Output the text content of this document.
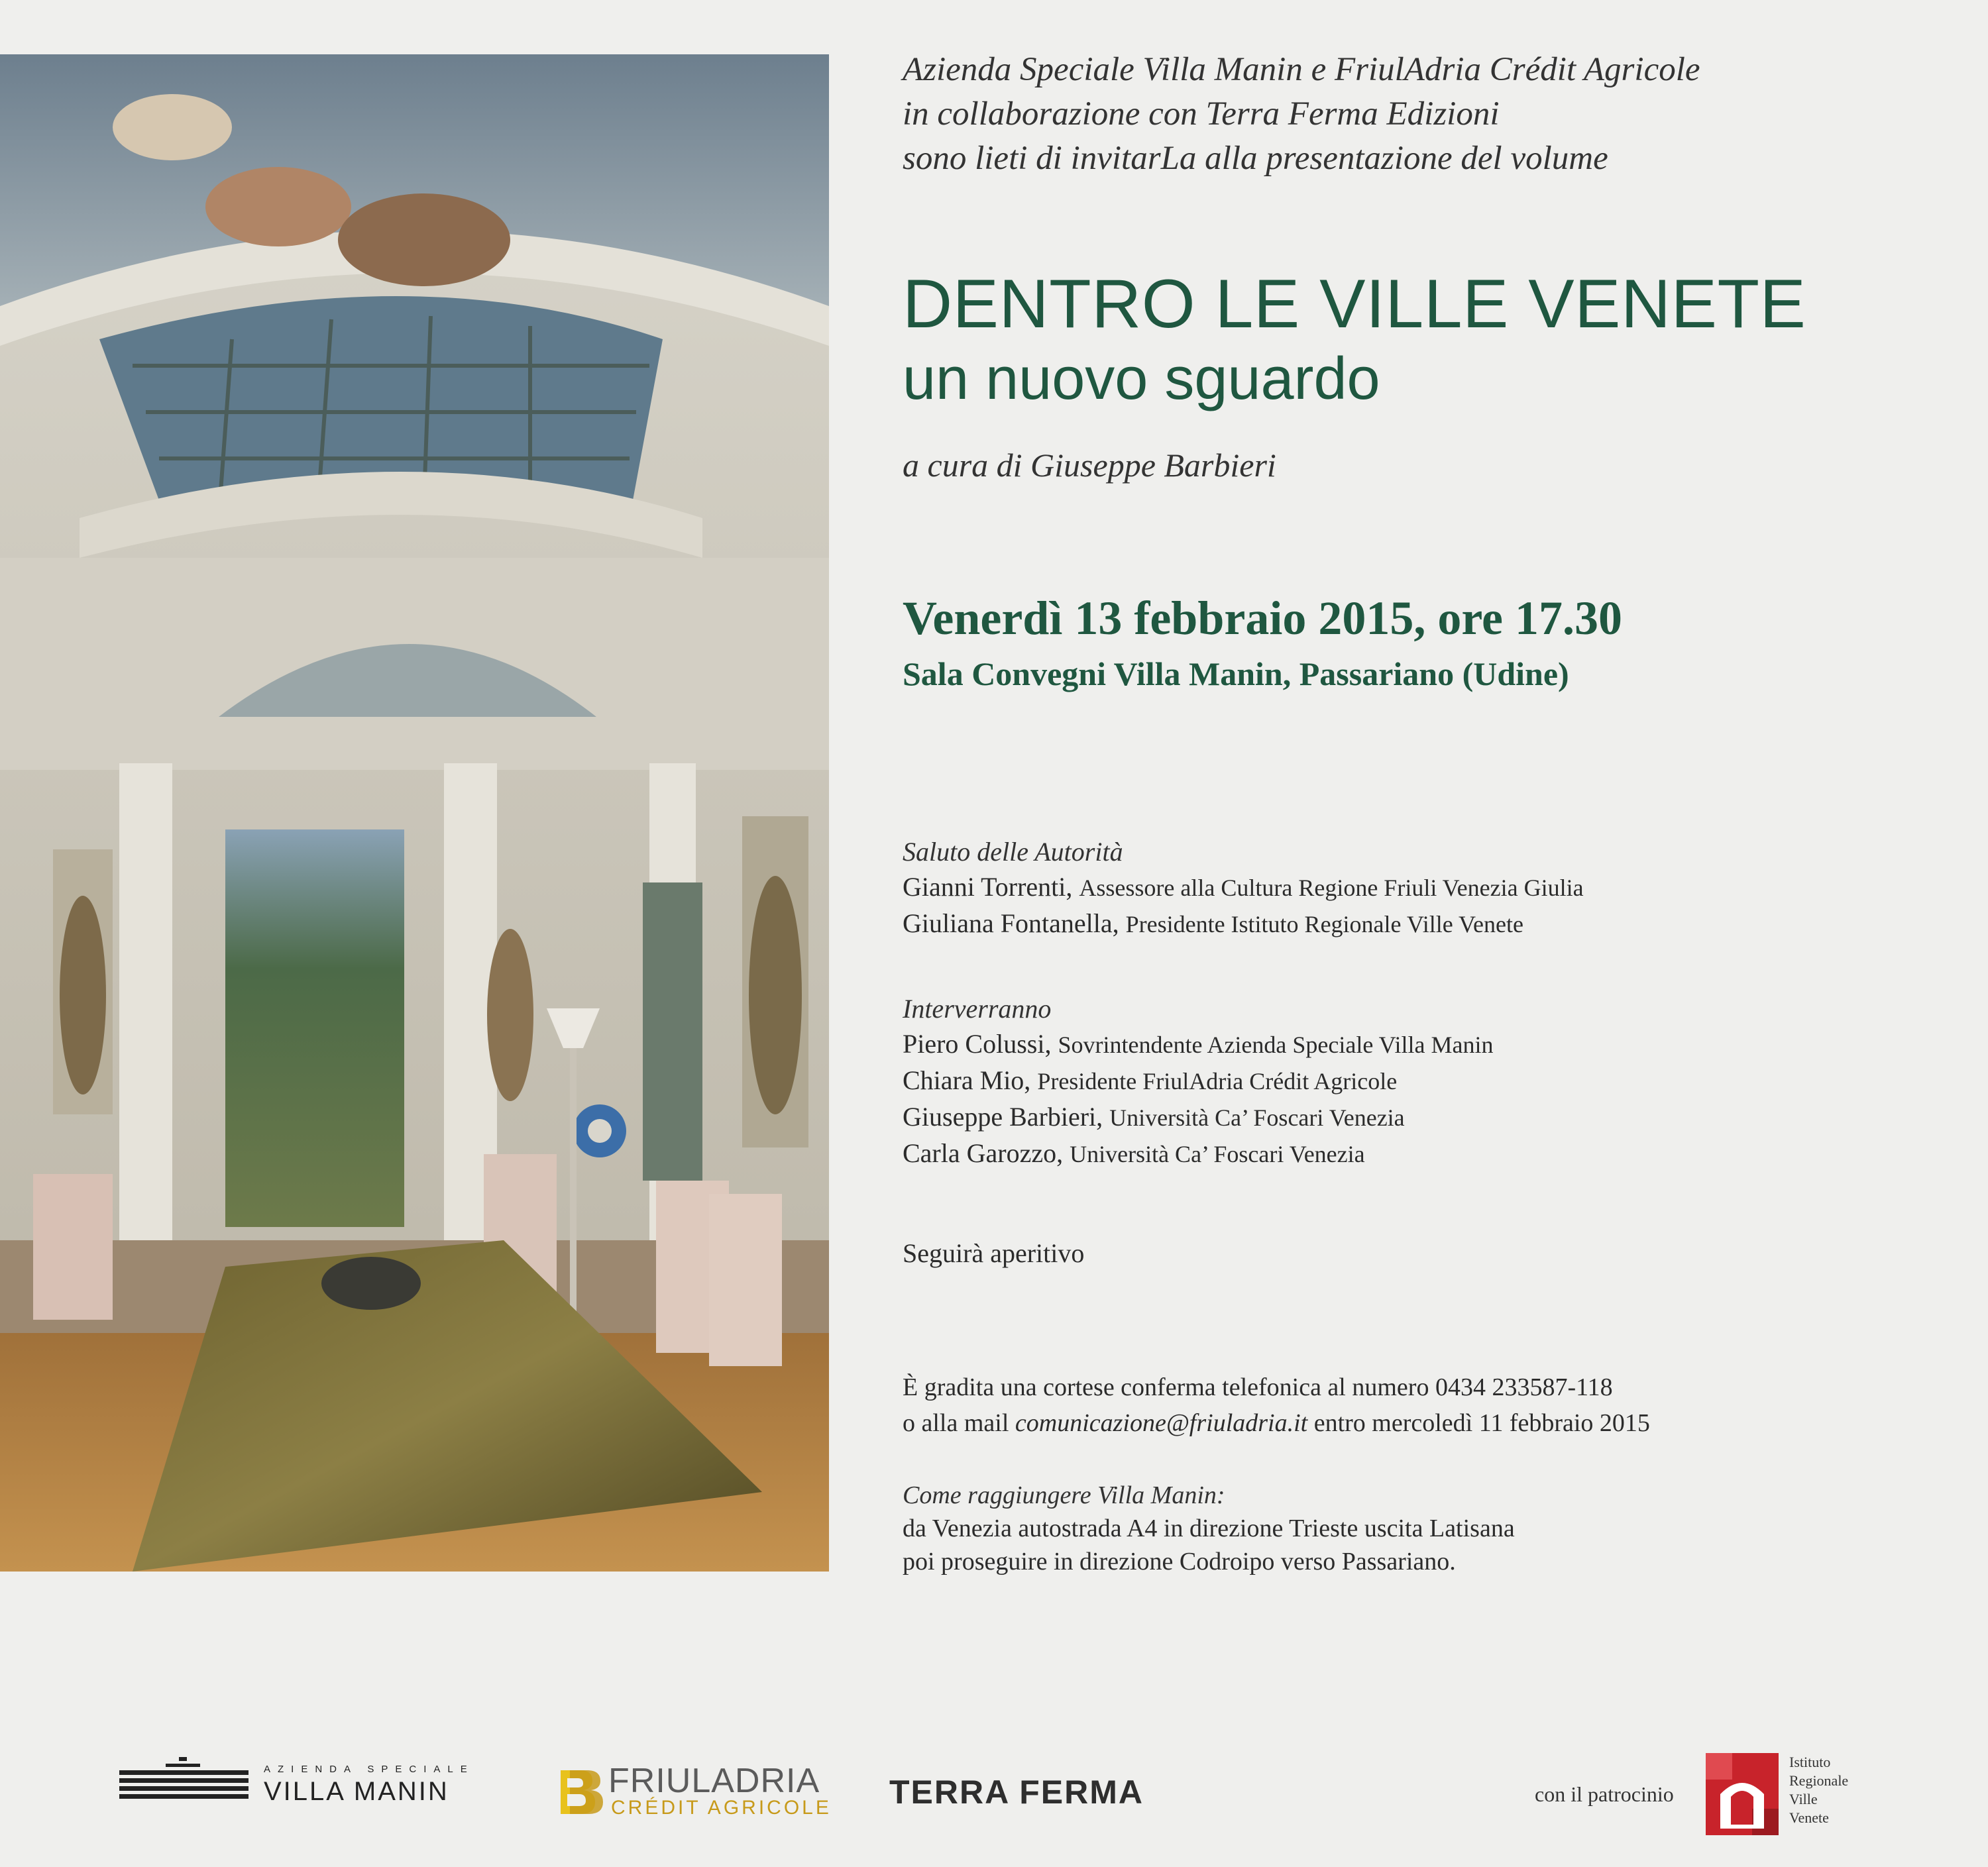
Azienda Speciale Villa Manin e FriulAdria Crédit Agricole
in collaborazione con Terra Ferma Edizioni
sono lieti di invitarLa alla presentazione del volume
DENTRO LE VILLE VENETE
un nuovo sguardo
a cura di Giuseppe Barbieri
Venerdì 13 febbraio 2015, ore 17.30
Sala Convegni Villa Manin, Passariano (Udine)
Saluto delle Autorità
Gianni Torrenti, Assessore alla Cultura Regione Friuli Venezia Giulia
Giuliana Fontanella, Presidente Istituto Regionale Ville Venete
Interverranno
Piero Colussi, Sovrintendente Azienda Speciale Villa Manin
Chiara Mio, Presidente FriulAdria Crédit Agricole
Giuseppe Barbieri, Università Ca’ Foscari Venezia
Carla Garozzo, Università Ca’ Foscari Venezia
Seguirà aperitivo
È gradita una cortese conferma telefonica al numero 0434 233587-118
o alla mail comunicazione@friuladria.it entro mercoledì 11 febbraio 2015
Come raggiungere Villa Manin:
da Venezia autostrada A4 in direzione Trieste uscita Latisana
poi proseguire in direzione Codroipo verso Passariano.
AZIENDA SPECIALE
VILLA MANIN	FRIULADRIA
CRÉDIT AGRICOLE TERRA FERMA	con il patrocinio
Istituto
Regionale
Ville
Venete
